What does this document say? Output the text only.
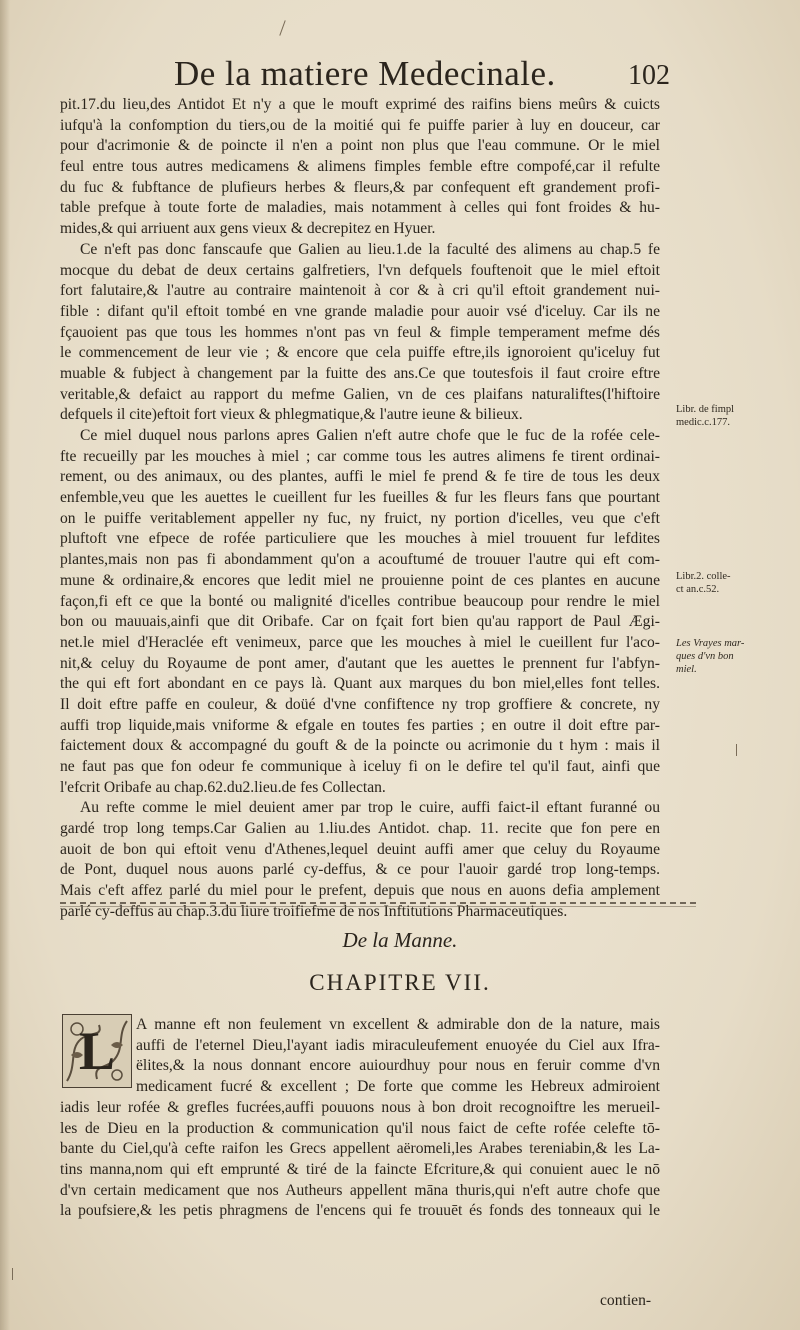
De la matiere Medecinale.	102
pit.17.du lieu,des Antidot Et n'y a que le mouft exprimé des raifins biens meûrs & cuicts
iufqu'à la confomption du tiers,ou de la moitié qui fe puiffe parier à luy en douceur, car
pour d'acrimonie & de poincte il n'en a point non plus que l'eau commune. Or le miel
feul entre tous autres medicamens & alimens fimples femble eftre compofé,car il refulte
du fuc & fubftance de plufieurs herbes & fleurs,& par confequent eft grandement profi-
table prefque à toute forte de maladies, mais notamment à celles qui font froides & hu-
mides,& qui arriuent aux gens vieux & decrepitez en Hyuer.
Ce n'eft pas donc fanscaufe que Galien au lieu.1.de la faculté des alimens au chap.5 fe
mocque du debat de deux certains galfretiers, l'vn defquels fouftenoit que le miel eftoit
fort falutaire,& l'autre au contraire maintenoit à cor & à cri qu'il eftoit grandement nui-
fible : difant qu'il eftoit tombé en vne grande maladie pour auoir vsé d'iceluy. Car ils ne
fçauoient pas que tous les hommes n'ont pas vn feul & fimple temperament mefme dés
le commencement de leur vie ; & encore que cela puiffe eftre,ils ignoroient qu'iceluy fut
muable & fubject à changement par la fuitte des ans.Ce que toutesfois il faut croire eftre
veritable,& defaict au rapport du mefme Galien, vn de ces plaifans naturaliftes(l'hiftoire
defquels il cite)eftoit fort vieux & phlegmatique,& l'autre ieune & bilieux.
Ce miel duquel nous parlons apres Galien n'eft autre chofe que le fuc de la rofée cele-
fte recueilly par les mouches à miel ; car comme tous les autres alimens fe tirent ordinai-
rement, ou des animaux, ou des plantes, auffi le miel fe prend & fe tire de tous les deux
enfemble,veu que les auettes le cueillent fur les fueilles & fur les fleurs fans que pourtant
on le puiffe veritablement appeller ny fuc, ny fruict, ny portion d'icelles, veu que c'eft
pluftoft vne efpece de rofée particuliere que les mouches à miel trouuent fur lefdites
plantes,mais non pas fi abondamment qu'on a acouftumé de trouuer l'autre qui eft com-
mune & ordinaire,& encores que ledit miel ne prouienne point de ces plantes en aucune
façon,fi eft ce que la bonté ou malignité d'icelles contribue beaucoup pour rendre le miel
bon ou mauuais,ainfi que dit Oribafe. Car on fçait fort bien qu'au rapport de Paul Ægi-
net.le miel d'Heraclée eft venimeux, parce que les mouches à miel le cueillent fur l'aco-
nit,& celuy du Royaume de pont amer, d'autant que les auettes le prennent fur l'abfyn-
the qui eft fort abondant en ce pays là. Quant aux marques du bon miel,elles font telles.
Il doit eftre paffe en couleur, & doüé d'vne confiftence ny trop groffiere & concrete, ny
auffi trop liquide,mais vniforme & efgale en toutes fes parties ; en outre il doit eftre par-
faictement doux & accompagné du gouft & de la poincte ou acrimonie du t hym : mais il
ne faut pas que fon odeur fe communique à iceluy fi on le defire tel qu'il faut, ainfi que
l'efcrit Oribafe au chap.62.du2.lieu.de fes Collectan.
Au refte comme le miel deuient amer par trop le cuire, auffi faict-il eftant furanné ou
gardé trop long temps.Car Galien au 1.liu.des Antidot. chap. 11. recite que fon pere en
auoit de bon qui eftoit venu d'Athenes,lequel deuint auffi amer que celuy du Royaume
de Pont, duquel nous auons parlé cy-deffus, & ce pour l'auoir gardé trop long-temps.
Mais c'eft affez parlé du miel pour le prefent, depuis que nous en auons defia amplement
parlé cy-deffus au chap.3.du liure troifiefme de nos Inftitutions Pharmaceutiques.
Libr. de fimpl
medic.c.177.
Libr.2. colle-
ct an.c.52.
Les Vrayes mar-
ques d'vn bon
miel.
De la Manne.
CHAPITRE VII.
L A manne eft non feulement vn excellent & admirable don de la nature, mais
auffi de l'eternel Dieu,l'ayant iadis miraculeufement enuoyée du Ciel aux Ifra-
ëlites,& la nous donnant encore auiourdhuy pour nous en feruir comme d'vn
medicament fucré & excellent ; De forte que comme les Hebreux admiroient
iadis leur rofée & grefles fucrées,auffi pouuons nous à bon droit recognoiftre les merueil-
les de Dieu en la production & communication qu'il nous faict de cefte rofée celefte tō-
bante du Ciel,qu'à cefte raifon les Grecs appellent aëromeli,les Arabes tereniabin,& les La-
tins manna,nom qui eft emprunté & tiré de la faincte Efcriture,& qui conuient auec le nō
d'vn certain medicament que nos Autheurs appellent māna thuris,qui n'eft autre chofe que
la poufsiere,& les petis phragmens de l'encens qui fe trouuēt és fonds des tonneaux qui le
contien-
